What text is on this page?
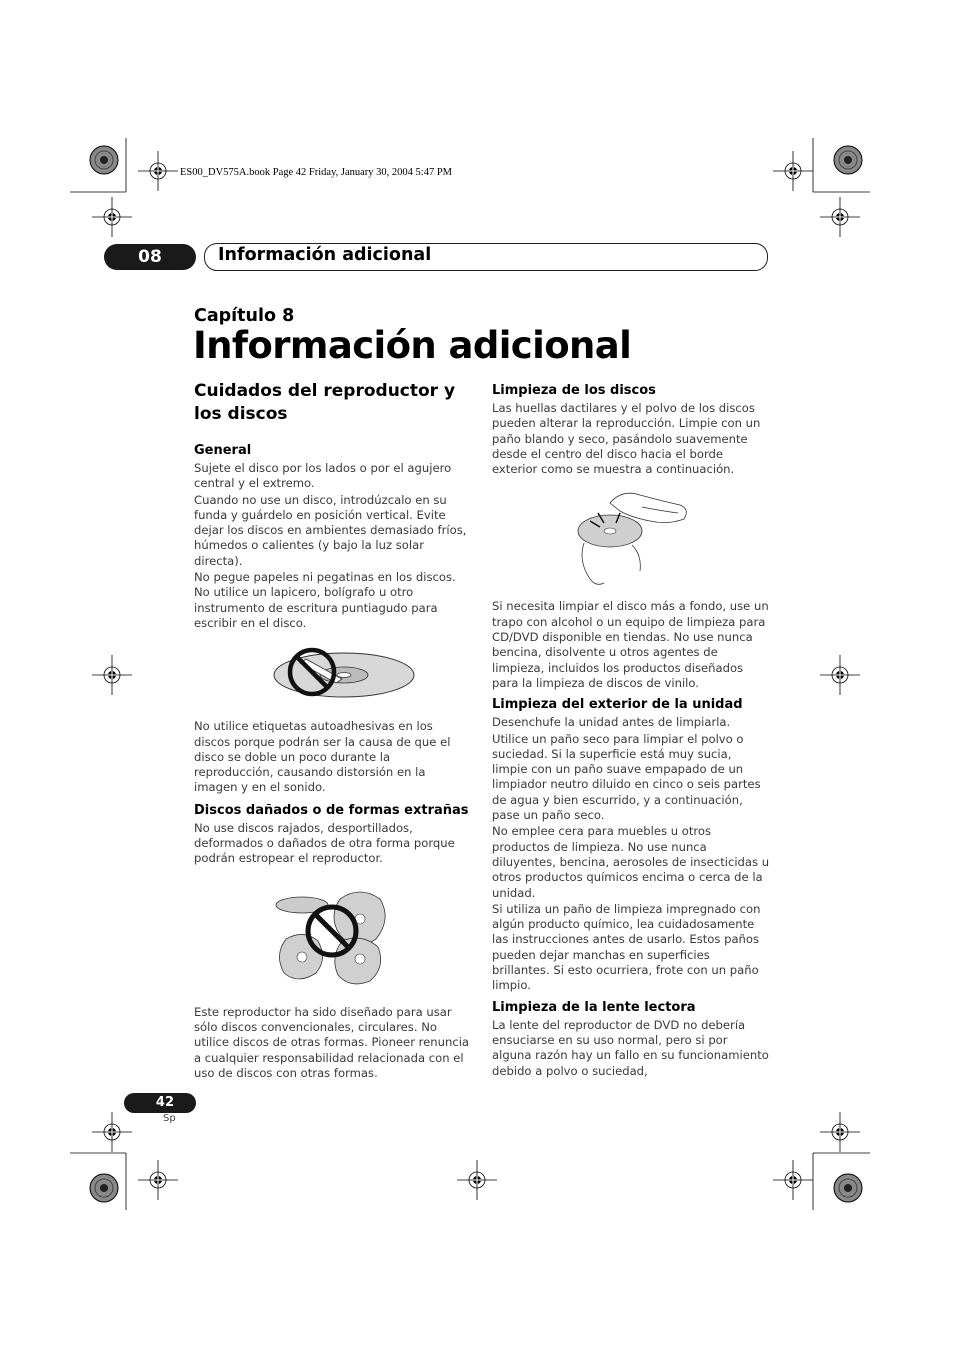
ES00_DV575A.book Page 42 Friday, January 30, 2004 5:47 PM
08	Información adicional
Capítulo 8
Información adicional
Cuidados del reproductor y los discos
General

Sujete el disco por los lados o por el agujero central y el extremo.

Cuando no use un disco, introdúzcalo en su funda y guárdelo en posición vertical. Evite dejar los discos en ambientes demasiado fríos, húmedos o calientes (y bajo la luz solar directa).

No pegue papeles ni pegatinas en los discos. No utilice un lapicero, bolígrafo u otro instrumento de escritura puntiagudo para escribir en el disco.

No utilice etiquetas autoadhesivas en los discos porque podrán ser la causa de que el disco se doble un poco durante la reproducción, causando distorsión en la imagen y en el sonido.

Discos dañados o de formas extrañas

No use discos rajados, desportillados, deformados o dañados de otra forma porque podrán estropear el reproductor.

Este reproductor ha sido diseñado para usar sólo discos convencionales, circulares. No utilice discos de otras formas. Pioneer renuncia a cualquier responsabilidad relacionada con el uso de discos con otras formas.

Limpieza de los discos

Las huellas dactilares y el polvo de los discos pueden alterar la reproducción. Limpie con un paño blando y seco, pasándolo suavemente desde el centro del disco hacia el borde exterior como se muestra a continuación.

Si necesita limpiar el disco más a fondo, use un trapo con alcohol o un equipo de limpieza para CD/DVD disponible en tiendas. No use nunca bencina, disolvente u otros agentes de limpieza, incluidos los productos diseñados para la limpieza de discos de vinilo.

Limpieza del exterior de la unidad

Desenchufe la unidad antes de limpiarla.

Utilice un paño seco para limpiar el polvo o suciedad. Si la superficie está muy sucia, limpie con un paño suave empapado de un limpiador neutro diluido en cinco o seis partes de agua y bien escurrido, y a continuación, pase un paño seco.

No emplee cera para muebles u otros productos de limpieza. No use nunca diluyentes, bencina, aerosoles de insecticidas u otros productos químicos encima o cerca de la unidad.

Si utiliza un paño de limpieza impregnado con algún producto químico, lea cuidadosamente las instrucciones antes de usarlo. Estos paños pueden dejar manchas en superficies brillantes. Si esto ocurriera, frote con un paño limpio.

Limpieza de la lente lectora

La lente del reproductor de DVD no debería ensuciarse en su uso normal, pero si por alguna razón hay un fallo en su funcionamiento debido a polvo o suciedad,

42
Sp
